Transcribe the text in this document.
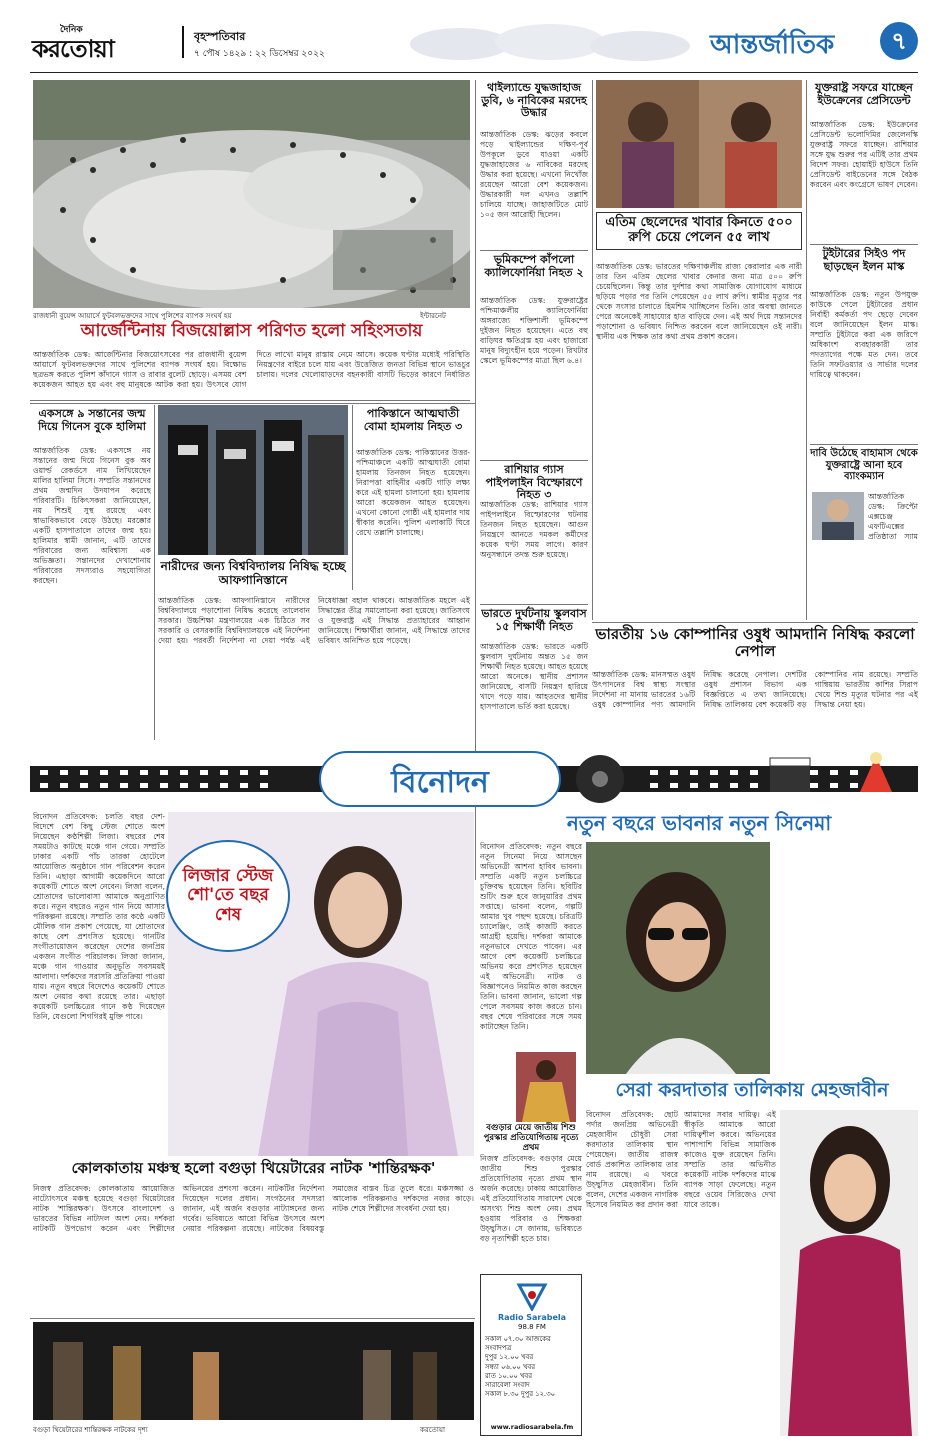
দৈনিক
করতোয়া	বৃহস্পতিবার
৭ পৌষ ১৪২৯ : ২২ ডিসেম্বর ২০২২	আন্তর্জাতিক	৭
রাজধানী বুয়েন্স আয়ার্সে ফুটবলভক্তদের সাথে পুলিশের ব্যাপক সংঘর্ষ হয়	ইন্টারনেট
আর্জেন্টিনায় বিজয়োল্লাস পরিণত হলো সহিংসতায়
আন্তর্জাতিক ডেস্ক: আর্জেন্টিনার বিজয়োৎসবের পর রাজধানী বুয়েন্স আয়ার্সে ফুটবলভক্তদের সাথে পুলিশের ব্যাপক সংঘর্ষ হয়। বিক্ষোভ ছত্রভঙ্গ করতে পুলিশ কাঁদানে গ্যাস ও রাবার বুলেট ছোড়ে। এসময় বেশ কয়েকজন আহত হয় এবং বহু মানুষকে আটক করা হয়। উৎসবে যোগ দিতে লাখো মানুষ রাস্তায় নেমে আসে। কয়েক ঘণ্টার মধ্যেই পরিস্থিতি নিয়ন্ত্রণের বাইরে চলে যায় এবং উত্তেজিত জনতা বিভিন্ন স্থানে ভাঙচুর চালায়। দলের খেলোয়াড়দের বহনকারী বাসটি ভিড়ের কারণে নির্ধারিত
থাইল্যান্ডে যুদ্ধজাহাজ ডুবি, ৬ নাবিকের মরদেহ উদ্ধার
আন্তর্জাতিক ডেস্ক: ঝড়ের কবলে পড়ে থাইল্যান্ডের দক্ষিণ-পূর্ব উপকূলে ডুবে যাওয়া একটি যুদ্ধজাহাজের ৬ নাবিকের মরদেহ উদ্ধার করা হয়েছে। এখনো নিখোঁজ রয়েছেন আরো বেশ কয়েকজন। উদ্ধারকারী দল এখনও তল্লাশি চালিয়ে যাচ্ছে। জাহাজটিতে মোট ১০৫ জন আরোহী ছিলেন।
ভূমিকম্পে কাঁপলো ক্যালিফোর্নিয়া নিহত ২
আন্তর্জাতিক ডেস্ক: যুক্তরাষ্ট্রের পশ্চিমাঞ্চলীয় ক্যালিফোর্নিয়া অঙ্গরাজ্যে শক্তিশালী ভূমিকম্পে দুইজন নিহত হয়েছেন। এতে বহু বাড়িঘর ক্ষতিগ্রস্ত হয় এবং হাজারো মানুষ বিদ্যুৎহীন হয়ে পড়েন। রিখটার স্কেলে ভূমিকম্পের মাত্রা ছিল ৬.৪।
রাশিয়ার গ্যাস পাইপলাইন বিস্ফোরণে নিহত ৩
আন্তর্জাতিক ডেস্ক: রাশিয়ার গ্যাস পাইপলাইনে বিস্ফোরণের ঘটনায় তিনজন নিহত হয়েছেন। আগুন নিয়ন্ত্রণে আনতে দমকল কর্মীদের কয়েক ঘণ্টা সময় লাগে। কারণ অনুসন্ধানে তদন্ত শুরু হয়েছে।
ভারতে দুর্ঘটনায় স্কুলবাস ১৫ শিক্ষার্থী নিহত
আন্তর্জাতিক ডেস্ক: ভারতে একটি স্কুলবাস দুর্ঘটনায় অন্তত ১৫ জন শিক্ষার্থী নিহত হয়েছে। আহত হয়েছে আরো অনেকে। স্থানীয় প্রশাসন জানিয়েছে, বাসটি নিয়ন্ত্রণ হারিয়ে খাদে পড়ে যায়। আহতদের স্থানীয় হাসপাতালে ভর্তি করা হয়েছে।
এতিম ছেলেদের খাবার কিনতে ৫০০ রুপি চেয়ে পেলেন ৫৫ লাখ
আন্তর্জাতিক ডেস্ক: ভারতের দক্ষিণাঞ্চলীয় রাজ্য কেরালার এক নারী তার তিন এতিম ছেলের খাবার কেনার জন্য মাত্র ৫০০ রুপি চেয়েছিলেন। কিন্তু তার দুর্দশার কথা সামাজিক যোগাযোগ মাধ্যমে ছড়িয়ে পড়ার পর তিনি পেয়েছেন ৫৫ লাখ রুপি। স্বামীর মৃত্যুর পর থেকে সংসার চালাতে হিমশিম খাচ্ছিলেন তিনি। তার অবস্থা জানতে পেরে অনেকেই সাহায্যের হাত বাড়িয়ে দেন। এই অর্থ দিয়ে সন্তানদের পড়াশোনা ও ভবিষ্যৎ নিশ্চিত করবেন বলে জানিয়েছেন ওই নারী। স্থানীয় এক শিক্ষক তার কথা প্রথম প্রকাশ করেন।
যুক্তরাষ্ট্র সফরে যাচ্ছেন ইউক্রেনের প্রেসিডেন্ট
আন্তর্জাতিক ডেস্ক: ইউক্রেনের প্রেসিডেন্ট ভলোদিমির জেলেনস্কি যুক্তরাষ্ট্র সফরে যাচ্ছেন। রাশিয়ার সঙ্গে যুদ্ধ শুরুর পর এটিই তার প্রথম বিদেশ সফর। হোয়াইট হাউসে তিনি প্রেসিডেন্ট বাইডেনের সঙ্গে বৈঠক করবেন এবং কংগ্রেসে ভাষণ দেবেন।
টুইটারের সিইও পদ ছাড়ছেন ইলন মাস্ক
আন্তর্জাতিক ডেস্ক: নতুন উপযুক্ত কাউকে পেলে টুইটারের প্রধান নির্বাহী কর্মকর্তা পদ ছেড়ে দেবেন বলে জানিয়েছেন ইলন মাস্ক। সম্প্রতি টুইটারে করা এক জরিপে অধিকাংশ ব্যবহারকারী তার পদত্যাগের পক্ষে মত দেন। তবে তিনি সফটওয়্যার ও সার্ভার দলের দায়িত্বে থাকবেন।
দাবি উঠেছে বাহামাস থেকে যুক্তরাষ্ট্রে আনা হবে ব্যাংকম্যান
আন্তর্জাতিক ডেস্ক: ক্রিপ্টো এক্সচেঞ্জ এফটিএক্সের প্রতিষ্ঠাতা স্যাম
একসঙ্গে ৯ সন্তানের জন্ম দিয়ে গিনেস বুকে হালিমা
আন্তর্জাতিক ডেস্ক: একসঙ্গে নয় সন্তানের জন্ম দিয়ে গিনেস বুক অব ওয়ার্ল্ড রেকর্ডসে নাম লিখিয়েছেন মালির হালিমা সিসে। সম্প্রতি সন্তানদের প্রথম জন্মদিন উদযাপন করেছে পরিবারটি। চিকিৎসকরা জানিয়েছেন, নয় শিশুই সুস্থ রয়েছে এবং স্বাভাবিকভাবে বেড়ে উঠছে। মরক্কোর একটি হাসপাতালে তাদের জন্ম হয়। হালিমার স্বামী জানান, এটি তাদের পরিবারের জন্য অবিশ্বাস্য এক অভিজ্ঞতা। সন্তানদের দেখাশোনায় পরিবারের সদস্যরাও সহযোগিতা করছেন।
নারীদের জন্য বিশ্ববিদ্যালয় নিষিদ্ধ হচ্ছে আফগানিস্তানে
আন্তর্জাতিক ডেস্ক: আফগানিস্তানে নারীদের বিশ্ববিদ্যালয়ে পড়াশোনা নিষিদ্ধ করেছে তালেবান সরকার। উচ্চশিক্ষা মন্ত্রণালয়ের এক চিঠিতে সব সরকারি ও বেসরকারি বিশ্ববিদ্যালয়কে এই নির্দেশনা দেয়া হয়। পরবর্তী নির্দেশনা না দেয়া পর্যন্ত এই নিষেধাজ্ঞা বহাল থাকবে। আন্তর্জাতিক মহলে এই সিদ্ধান্তের তীব্র সমালোচনা করা হয়েছে। জাতিসংঘ ও যুক্তরাষ্ট্র এই সিদ্ধান্ত প্রত্যাহারের আহ্বান জানিয়েছে। শিক্ষার্থীরা জানান, এই সিদ্ধান্তে তাদের ভবিষ্যৎ অনিশ্চিত হয়ে পড়েছে।
পাকিস্তানে আত্মঘাতী বোমা হামলায় নিহত ৩
আন্তর্জাতিক ডেস্ক: পাকিস্তানের উত্তর-পশ্চিমাঞ্চলে একটি আত্মঘাতী বোমা হামলায় তিনজন নিহত হয়েছেন। নিরাপত্তা বাহিনীর একটি গাড়ি লক্ষ্য করে এই হামলা চালানো হয়। হামলায় আরো কয়েকজন আহত হয়েছেন। এখনো কোনো গোষ্ঠী এই হামলার দায় স্বীকার করেনি। পুলিশ এলাকাটি ঘিরে রেখে তল্লাশি চালাচ্ছে।
ভারতীয় ১৬ কোম্পানির ওষুধ আমদানি নিষিদ্ধ করলো নেপাল
আন্তর্জাতিক ডেস্ক: মানসম্মত ওষুধ উৎপাদনের বিশ্ব স্বাস্থ্য সংস্থার নির্দেশনা না মানায় ভারতের ১৬টি ওষুধ কোম্পানির পণ্য আমদানি নিষিদ্ধ করেছে নেপাল। দেশটির ওষুধ প্রশাসন বিভাগ এক বিজ্ঞপ্তিতে এ তথ্য জানিয়েছে। নিষিদ্ধ তালিকায় বেশ কয়েকটি বড় কোম্পানির নাম রয়েছে। সম্প্রতি গাম্বিয়ায় ভারতীয় কাশির সিরাপ খেয়ে শিশু মৃত্যুর ঘটনার পর এই সিদ্ধান্ত নেয়া হয়।
বিনোদন
বিনোদন প্রতিবেদক: চলতি বছর দেশ-বিদেশে বেশ কিছু স্টেজ শোতে অংশ নিয়েছেন কণ্ঠশিল্পী লিজা। বছরের শেষ সময়টাও কাটছে মঞ্চে গান গেয়ে। সম্প্রতি ঢাকার একটি পাঁচ তারকা হোটেলে আয়োজিত অনুষ্ঠানে গান পরিবেশন করেন তিনি। এছাড়া আগামী কয়েকদিনে আরো কয়েকটি শোতে অংশ নেবেন। লিজা বলেন, শ্রোতাদের ভালোবাসা আমাকে অনুপ্রাণিত করে। নতুন বছরেও নতুন গান নিয়ে আসার পরিকল্পনা রয়েছে। সম্প্রতি তার কণ্ঠে একটি মৌলিক গান প্রকাশ পেয়েছে, যা শ্রোতাদের কাছে বেশ প্রশংসিত হয়েছে। গানটির সংগীতায়োজন করেছেন দেশের জনপ্রিয় একজন সংগীত পরিচালক। লিজা জানান, মঞ্চে গান গাওয়ার অনুভূতি সবসময়ই আলাদা। দর্শকদের সরাসরি প্রতিক্রিয়া পাওয়া যায়। নতুন বছরে বিদেশেও কয়েকটি শোতে অংশ নেয়ার কথা রয়েছে তার। এছাড়া কয়েকটি চলচ্চিত্রের গানে কণ্ঠ দিয়েছেন তিনি, যেগুলো শিগগিরই মুক্তি পাবে।
লিজার স্টেজ শো'তে বছর শেষ
নতুন বছরে ভাবনার নতুন সিনেমা
বিনোদন প্রতিবেদক: নতুন বছরে নতুন সিনেমা নিয়ে আসছেন অভিনেত্রী আশনা হাবিব ভাবনা। সম্প্রতি একটি নতুন চলচ্চিত্রে চুক্তিবদ্ধ হয়েছেন তিনি। ছবিটির শুটিং শুরু হবে জানুয়ারির প্রথম সপ্তাহে। ভাবনা বলেন, গল্পটি আমার খুব পছন্দ হয়েছে। চরিত্রটি চ্যালেঞ্জিং, তাই কাজটি করতে আগ্রহী হয়েছি। দর্শকরা আমাকে নতুনভাবে দেখতে পাবেন। এর আগে বেশ কয়েকটি চলচ্চিত্রে অভিনয় করে প্রশংসিত হয়েছেন এই অভিনেত্রী। নাটক ও বিজ্ঞাপনেও নিয়মিত কাজ করছেন তিনি। ভাবনা জানান, ভালো গল্প পেলে সবসময় কাজ করতে চান। বছর শেষে পরিবারের সঙ্গে সময় কাটাচ্ছেন তিনি।
বগুড়ার মেয়ে জাতীয় শিশু পুরস্কার প্রতিযোগিতায় নৃত্যে প্রথম
নিজস্ব প্রতিবেদক: বগুড়ার মেয়ে জাতীয় শিশু পুরস্কার প্রতিযোগিতায় নৃত্যে প্রথম স্থান অর্জন করেছে। ঢাকায় আয়োজিত এই প্রতিযোগিতায় সারাদেশ থেকে অসংখ্য শিশু অংশ নেয়। প্রথম হওয়ায় পরিবার ও শিক্ষকরা উচ্ছ্বসিত। সে জানায়, ভবিষ্যতে বড় নৃত্যশিল্পী হতে চায়।
সেরা করদাতার তালিকায় মেহজাবীন
বিনোদন প্রতিবেদক: ছোট পর্দার জনপ্রিয় অভিনেত্রী মেহজাবীন চৌধুরী সেরা করদাতার তালিকায় স্থান পেয়েছেন। জাতীয় রাজস্ব বোর্ড প্রকাশিত তালিকায় তার নাম রয়েছে। এ খবরে উচ্ছ্বসিত মেহজাবীন। তিনি বলেন, দেশের একজন নাগরিক হিসেবে নিয়মিত কর প্রদান করা আমাদের সবার দায়িত্ব। এই স্বীকৃতি আমাকে আরো দায়িত্বশীল করবে। অভিনয়ের পাশাপাশি বিভিন্ন সামাজিক কাজেও যুক্ত রয়েছেন তিনি। সম্প্রতি তার অভিনীত কয়েকটি নাটক দর্শকদের মাঝে ব্যাপক সাড়া ফেলেছে। নতুন বছরে ওয়েব সিরিজেও দেখা যাবে তাকে।
কোলকাতায় মঞ্চস্থ হলো বগুড়া থিয়েটারের নাটক 'শান্তিরক্ষক'
নিজস্ব প্রতিবেদক: কোলকাতায় আয়োজিত নাট্যোৎসবে মঞ্চস্থ হয়েছে বগুড়া থিয়েটারের নাটক 'শান্তিরক্ষক'। উৎসবে বাংলাদেশ ও ভারতের বিভিন্ন নাট্যদল অংশ নেয়। দর্শকরা নাটকটি উপভোগ করেন এবং শিল্পীদের অভিনয়ের প্রশংসা করেন। নাটকটির নির্দেশনা দিয়েছেন দলের প্রধান। সংগঠনের সদস্যরা জানান, এই অর্জন বগুড়ার নাট্যাঙ্গনের জন্য গর্বের। ভবিষ্যতে আরো বিভিন্ন উৎসবে অংশ নেয়ার পরিকল্পনা রয়েছে। নাটকের বিষয়বস্তু সমাজের বাস্তব চিত্র তুলে ধরে। মঞ্চসজ্জা ও আলোক পরিকল্পনাও দর্শকদের নজর কাড়ে। নাটক শেষে শিল্পীদের সংবর্ধনা দেয়া হয়।
বগুড়া থিয়েটারের শান্তিরক্ষক নাটকের দৃশ্য	করতোয়া
Radio Sarabela
98.8 FM
সকাল ০৭.৩০ আজকের সংবাদপত্র
দুপুর ১২.০০ খবর
সন্ধ্যা ০৬.০০ খবর
রাত ১০.০০ খবর
সারাবেলা সংবাদ
সকাল ৮.৩০ দুপুর ১২.৩০
www.radiosarabela.fm
